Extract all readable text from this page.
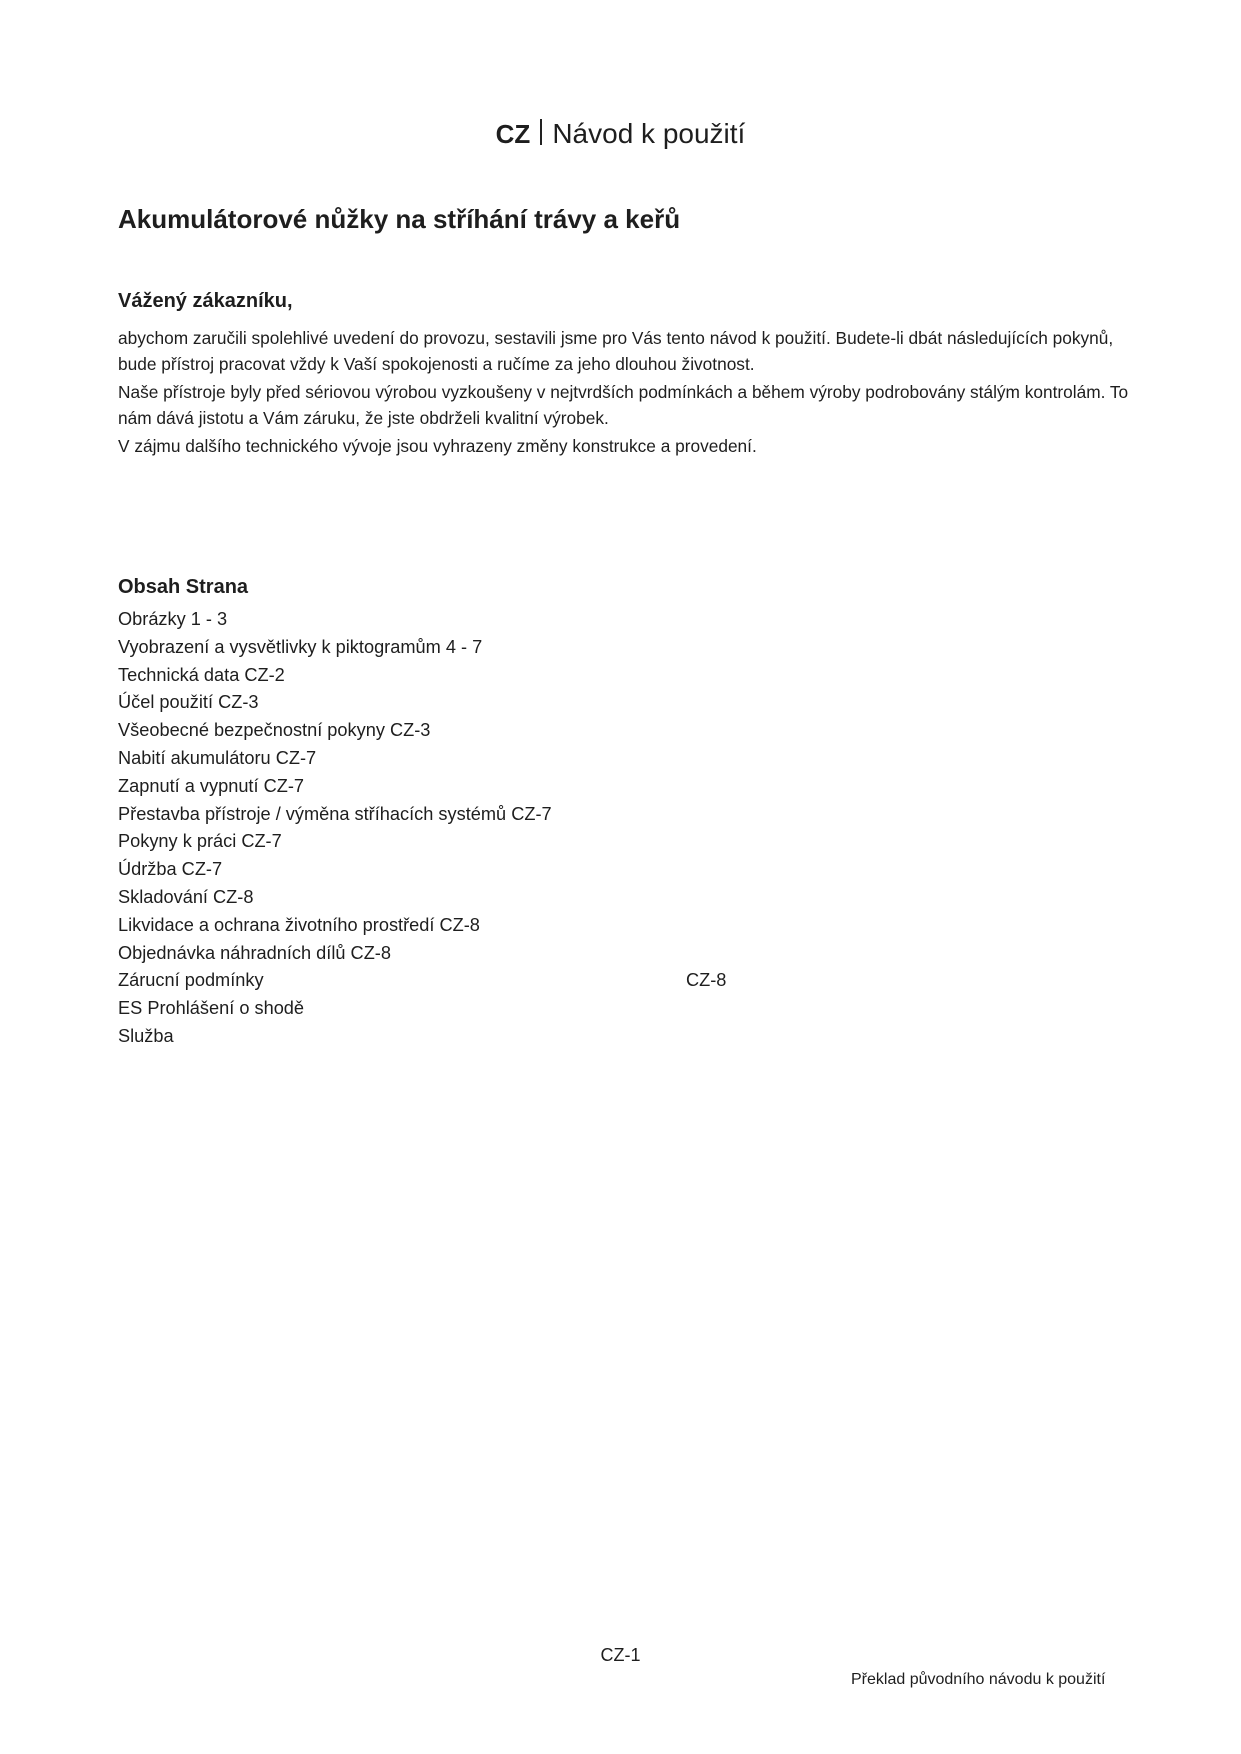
CZ Návod k použití
Akumulátorové nůžky na stříhání trávy a keřů
Vážený zákazníku,

abychom zaručili spolehlivé uvedení do provozu, sestavili jsme pro Vás tento návod k použití. Budete-li dbát následujících pokynů, bude přístroj pracovat vždy k Vaší spokojenosti a ručíme za jeho dlouhou životnost.

Naše přístroje byly před sériovou výrobou vyzkoušeny v nejtvrdších podmínkách a během výroby podrobovány stálým kontrolám. To nám dává jistotu a Vám záruku, že jste obdrželi kvalitní výrobek.

V zájmu dalšího technického vývoje jsou vyhrazeny změny konstrukce a provedení.

Obsah Strana
Obrázky 1 - 3
Vyobrazení a vysvětlivky k piktogramům 4 - 7
Technická data CZ-2
Účel použití CZ-3
Všeobecné bezpečnostní pokyny CZ-3
Nabití akumulátoru CZ-7
Zapnutí a vypnutí CZ-7
Přestavba přístroje / výměna stříhacích systémů CZ-7
Pokyny k práci CZ-7
Údržba CZ-7
Skladování CZ-8
Likvidace a ochrana životního prostředí CZ-8
Objednávka náhradních dílů CZ-8
Zárucní podmínky	CZ-8
ES Prohlášení o shodě
Služba
CZ-1
Překlad původního návodu k použití
